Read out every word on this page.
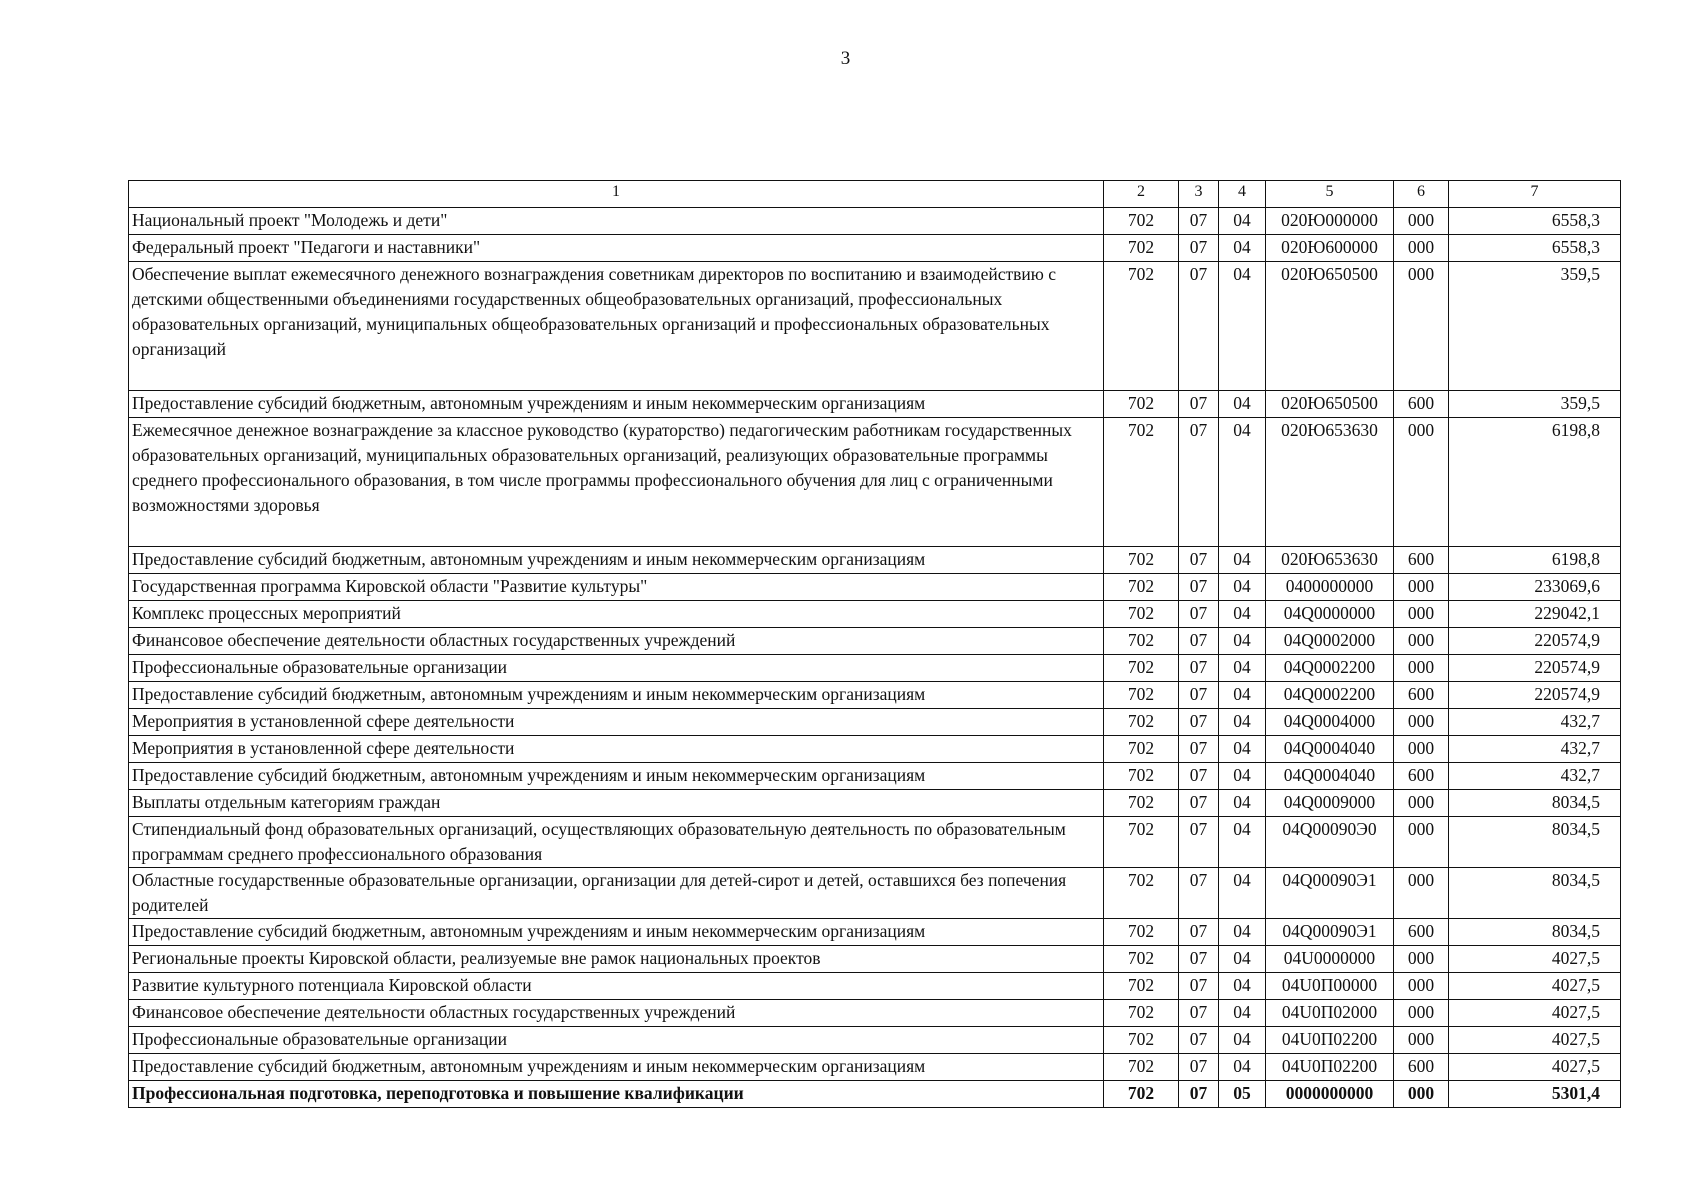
3
1	2	3	4	5	6	7
Национальный проект "Молодежь и дети"	702	07	04	020Ю000000	000	6558,3
Федеральный проект "Педагоги и наставники"	702	07	04	020Ю600000	000	6558,3
Обеспечение выплат ежемесячного денежного вознаграждения советникам директоров по воспитанию и взаимодействию с детскими общественными объединениями государственных общеобразовательных организаций, профессиональных образовательных организаций, муниципальных общеобразовательных организаций и профессиональных образовательных организаций	702	07	04	020Ю650500	000	359,5
Предоставление субсидий бюджетным, автономным учреждениям и иным некоммерческим организациям	702	07	04	020Ю650500	600	359,5
Ежемесячное денежное вознаграждение за классное руководство (кураторство) педагогическим работникам государственных образовательных организаций, муниципальных образовательных организаций, реализующих образовательные программы среднего профессионального образования, в том числе программы профессионального обучения для лиц с ограниченными возможностями здоровья	702	07	04	020Ю653630	000	6198,8
Предоставление субсидий бюджетным, автономным учреждениям и иным некоммерческим организациям	702	07	04	020Ю653630	600	6198,8
Государственная программа Кировской области "Развитие культуры"	702	07	04	0400000000	000	233069,6
Комплекс процессных мероприятий	702	07	04	04Q0000000	000	229042,1
Финансовое обеспечение деятельности областных государственных учреждений	702	07	04	04Q0002000	000	220574,9
Профессиональные образовательные организации	702	07	04	04Q0002200	000	220574,9
Предоставление субсидий бюджетным, автономным учреждениям и иным некоммерческим организациям	702	07	04	04Q0002200	600	220574,9
Мероприятия в установленной сфере деятельности	702	07	04	04Q0004000	000	432,7
Мероприятия в установленной сфере деятельности	702	07	04	04Q0004040	000	432,7
Предоставление субсидий бюджетным, автономным учреждениям и иным некоммерческим организациям	702	07	04	04Q0004040	600	432,7
Выплаты отдельным категориям граждан	702	07	04	04Q0009000	000	8034,5
Стипендиальный фонд образовательных организаций, осуществляющих образовательную деятельность по образовательным программам среднего профессионального образования	702	07	04	04Q00090Э0	000	8034,5
Областные государственные образовательные организации, организации для детей-сирот и детей, оставшихся без попечения родителей	702	07	04	04Q00090Э1	000	8034,5
Предоставление субсидий бюджетным, автономным учреждениям и иным некоммерческим организациям	702	07	04	04Q00090Э1	600	8034,5
Региональные проекты Кировской области, реализуемые вне рамок национальных проектов	702	07	04	04U0000000	000	4027,5
Развитие культурного потенциала Кировской области	702	07	04	04U0П00000	000	4027,5
Финансовое обеспечение деятельности областных государственных учреждений	702	07	04	04U0П02000	000	4027,5
Профессиональные образовательные организации	702	07	04	04U0П02200	000	4027,5
Предоставление субсидий бюджетным, автономным учреждениям и иным некоммерческим организациям	702	07	04	04U0П02200	600	4027,5
Профессиональная подготовка, переподготовка и повышение квалификации	702	07	05	0000000000	000	5301,4
